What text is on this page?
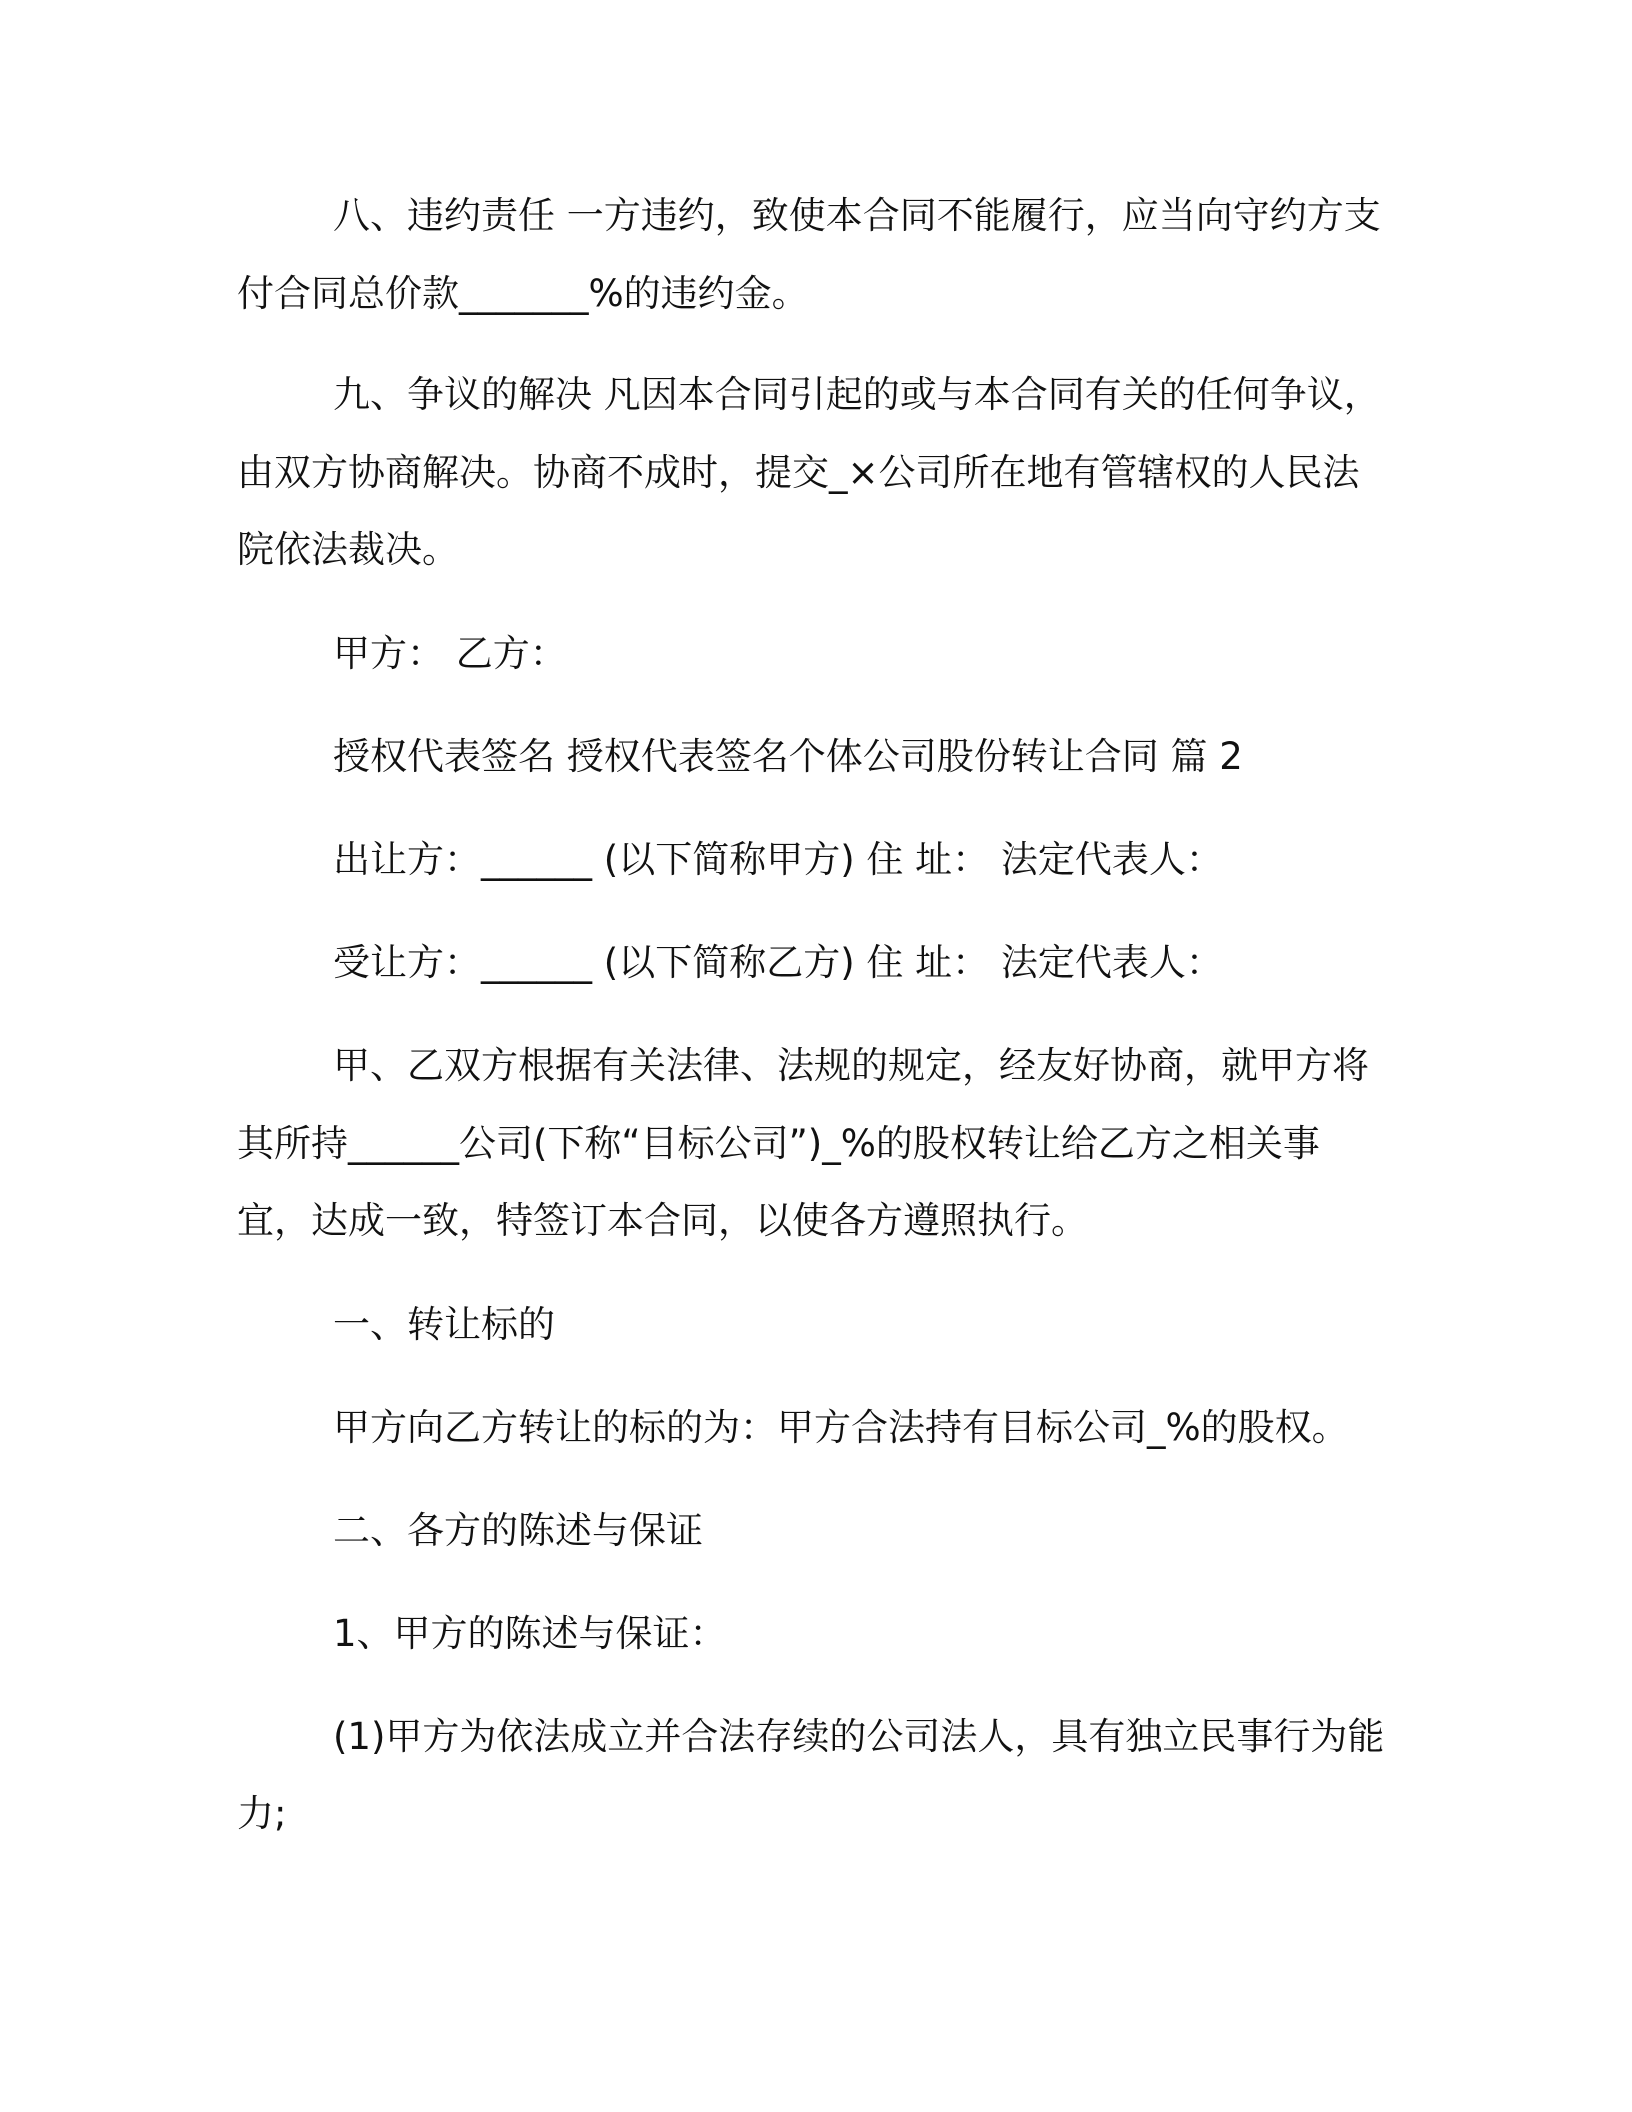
八、违约责任 一方违约，致使本合同不能履行，应当向守约方支
付合同总价款_______%的违约金。
九、争议的解决 凡因本合同引起的或与本合同有关的任何争议，
由双方协商解决。协商不成时，提交_×公司所在地有管辖权的人民法
院依法裁决。
甲方： 乙方：
授权代表签名 授权代表签名个体公司股份转让合同 篇 2
出让方：______ (以下简称甲方) 住 址： 法定代表人：
受让方：______ (以下简称乙方) 住 址： 法定代表人：
甲、乙双方根据有关法律、法规的规定，经友好协商，就甲方将
其所持______公司(下称“目标公司”)_%的股权转让给乙方之相关事
宜，达成一致，特签订本合同，以使各方遵照执行。
一、转让标的
甲方向乙方转让的标的为：甲方合法持有目标公司_%的股权。
二、各方的陈述与保证
1、甲方的陈述与保证：
(1)甲方为依法成立并合法存续的公司法人，具有独立民事行为能
力;
